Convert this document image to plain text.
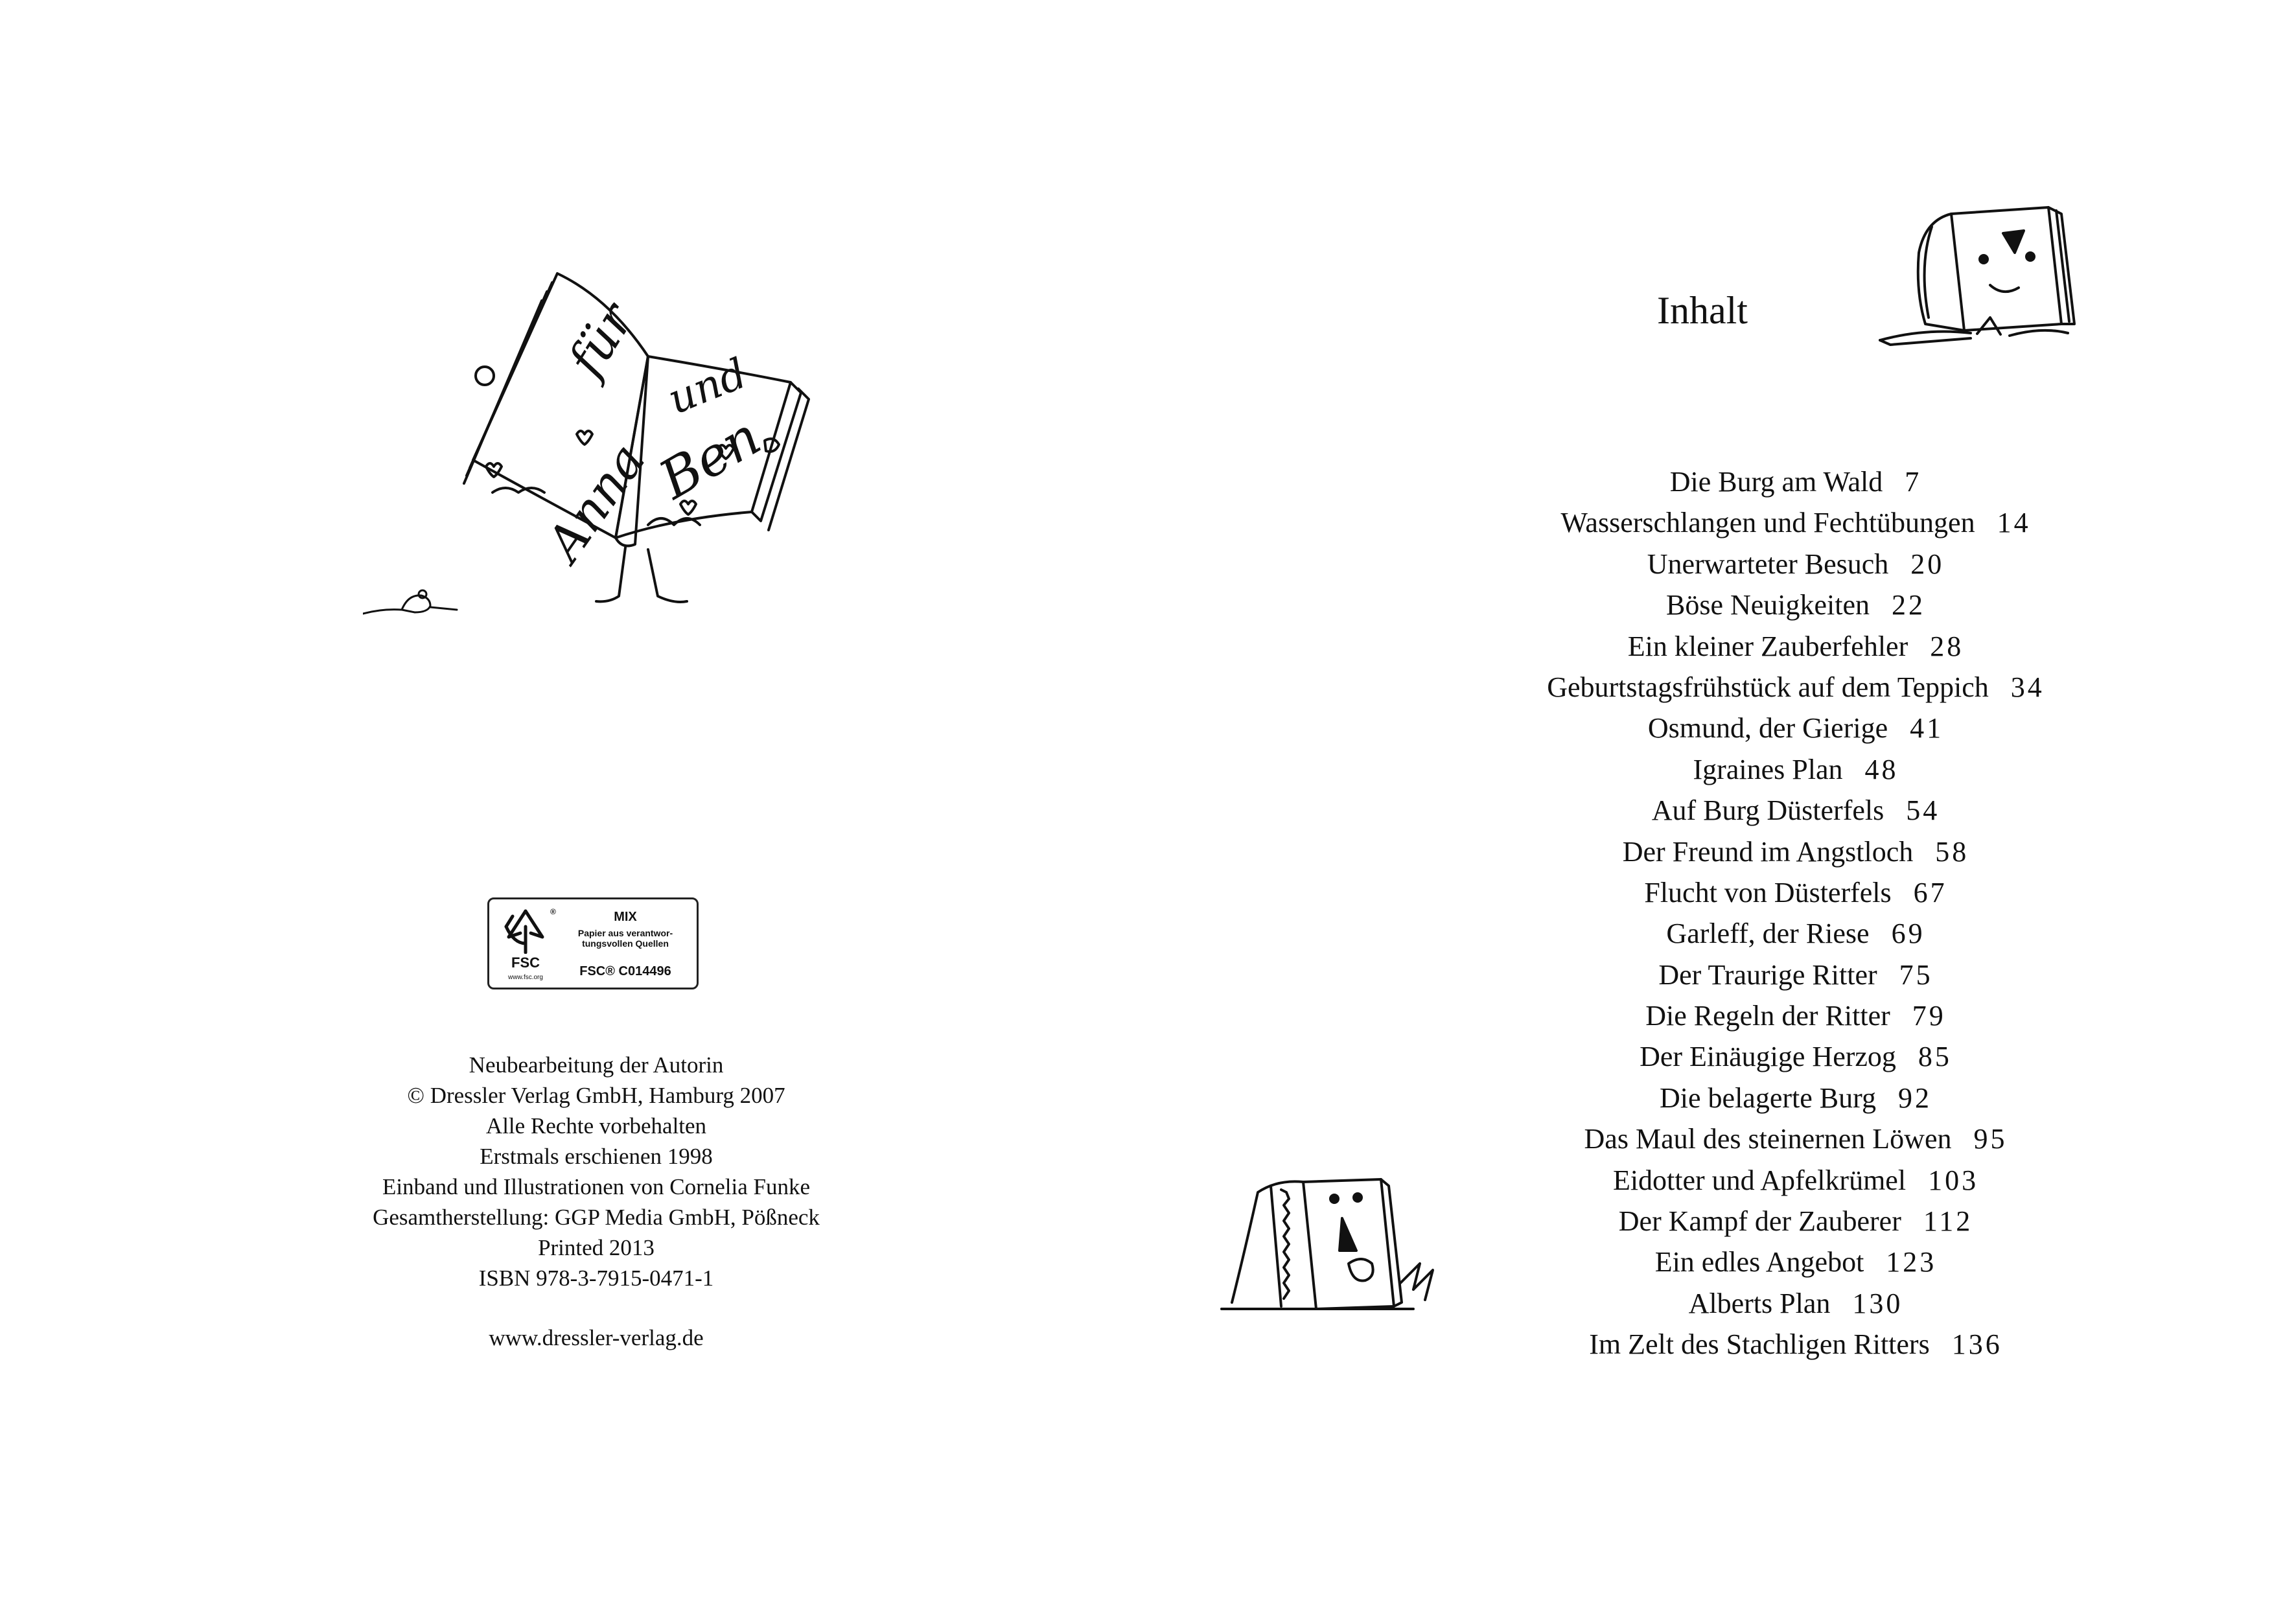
für
und
Anna
Ben
®
FSC
www.fsc.org
MIX
Papier aus verantwor-
tungsvollen Quellen
FSC® C014496
Neubearbeitung der Autorin
© Dressler Verlag GmbH, Hamburg 2007
Alle Rechte vorbehalten
Erstmals erschienen 1998
Einband und Illustrationen von Cornelia Funke
Gesamtherstellung: GGP Media GmbH, Pößneck
Printed 2013
ISBN 978-3-7915-0471-1
www.dressler-verlag.de
Inhalt
Die Burg am Wald 7
Wasserschlangen und Fechtübungen 14
Unerwarteter Besuch 20
Böse Neuigkeiten 22
Ein kleiner Zauberfehler 28
Geburtstagsfrühstück auf dem Teppich 34
Osmund, der Gierige 41
Igraines Plan 48
Auf Burg Düsterfels 54
Der Freund im Angstloch 58
Flucht von Düsterfels 67
Garleff, der Riese 69
Der Traurige Ritter 75
Die Regeln der Ritter 79
Der Einäugige Herzog 85
Die belagerte Burg 92
Das Maul des steinernen Löwen 95
Eidotter und Apfelkrümel 103
Der Kampf der Zauberer 112
Ein edles Angebot 123
Alberts Plan 130
Im Zelt des Stachligen Ritters 136
